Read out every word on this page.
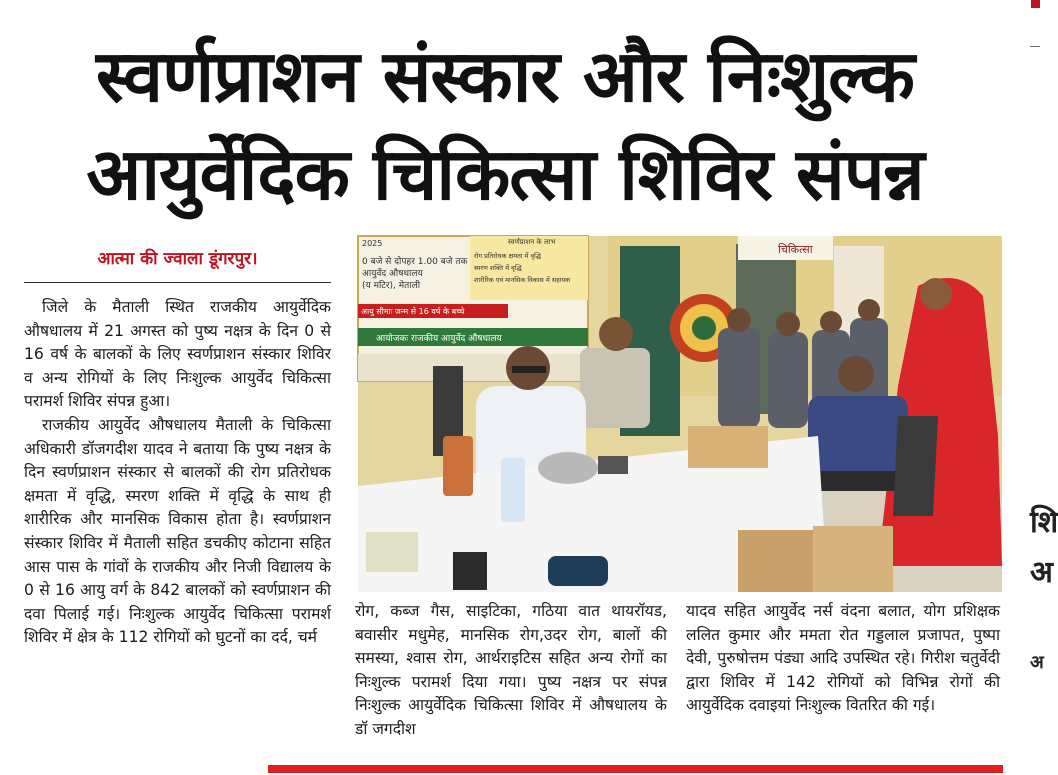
स्वर्णप्राशन संस्कार और निःशुल्क
आयुर्वेदिक चिकित्सा शिविर संपन्न
आत्मा की ज्वाला डूंगरपुर।

जिले के मैताली स्थित राजकीय आयुर्वेदिक औषधालय में 21 अगस्त को पुष्य नक्षत्र के दिन 0 से 16 वर्ष के बालकों के लिए स्वर्णप्राशन संस्कार शिविर व अन्य रोगियों के लिए निःशुल्क आयुर्वेद चिकित्सा परामर्श शिविर संपन्न हुआ।

राजकीय आयुर्वेद औषधालय मैताली के चिकित्सा अधिकारी डॉजगदीश यादव ने बताया कि पुष्य नक्षत्र के दिन स्वर्णप्राशन संस्कार से बालकों की रोग प्रतिरोधक क्षमता में वृद्धि, स्मरण शक्ति में वृद्धि के साथ ही शारीरिक और मानसिक विकास होता है। स्वर्णप्राशन संस्कार शिविर में मैताली सहित डचकीए कोटाना सहित आस पास के गांवों के राजकीय और निजी विद्यालय के 0 से 16 आयु वर्ग के 842 बालकों को स्वर्णप्राशन की दवा पिलाई गई। निःशुल्क आयुर्वेद चिकित्सा परामर्श शिविर में क्षेत्र के 112 रोगियों को घुटनों का दर्द, चर्म

चिकित्सा
2025
0 बजे से दोपहर 1.00 बजे तक
आयुर्वेद औषधालय
(य मटिर), मेताली
आयु सीमाः जन्म से 16 वर्ष के बच्चे
आयोजकः राजकीय आयुर्वेद औषधालय
स्वर्णप्राशन के लाभ
रोग प्रतिरोधक क्षमता में वृद्धि
स्मरण शक्ति में वृद्धि
शारीरिक एवं मानसिक विकास में सहायक

रोग, कब्ज गैस, साइटिका, गठिया वात थायरॉयड, बवासीर मधुमेह, मानसिक रोग,उदर रोग, बालों की समस्या, श्वास रोग, आर्थराइटिस सहित अन्य रोगों का निःशुल्क परामर्श दिया गया। पुष्य नक्षत्र पर संपन्न निःशुल्क आयुर्वेदिक चिकित्सा शिविर में औषधालय के डॉ जगदीश

यादव सहित आयुर्वेद नर्स वंदना बलात, योग प्रशिक्षक ललित कुमार और ममता रोत गड्डलाल प्रजापत, पुष्पा देवी, पुरुषोत्तम पंड्या आदि उपस्थित रहे। गिरीश चतुर्वेदी द्वारा शिविर में 142 रोगियों को विभिन्न रोगों की आयुर्वेदिक दवाइयां निःशुल्क वितरित की गई।

शि
अ
अ
